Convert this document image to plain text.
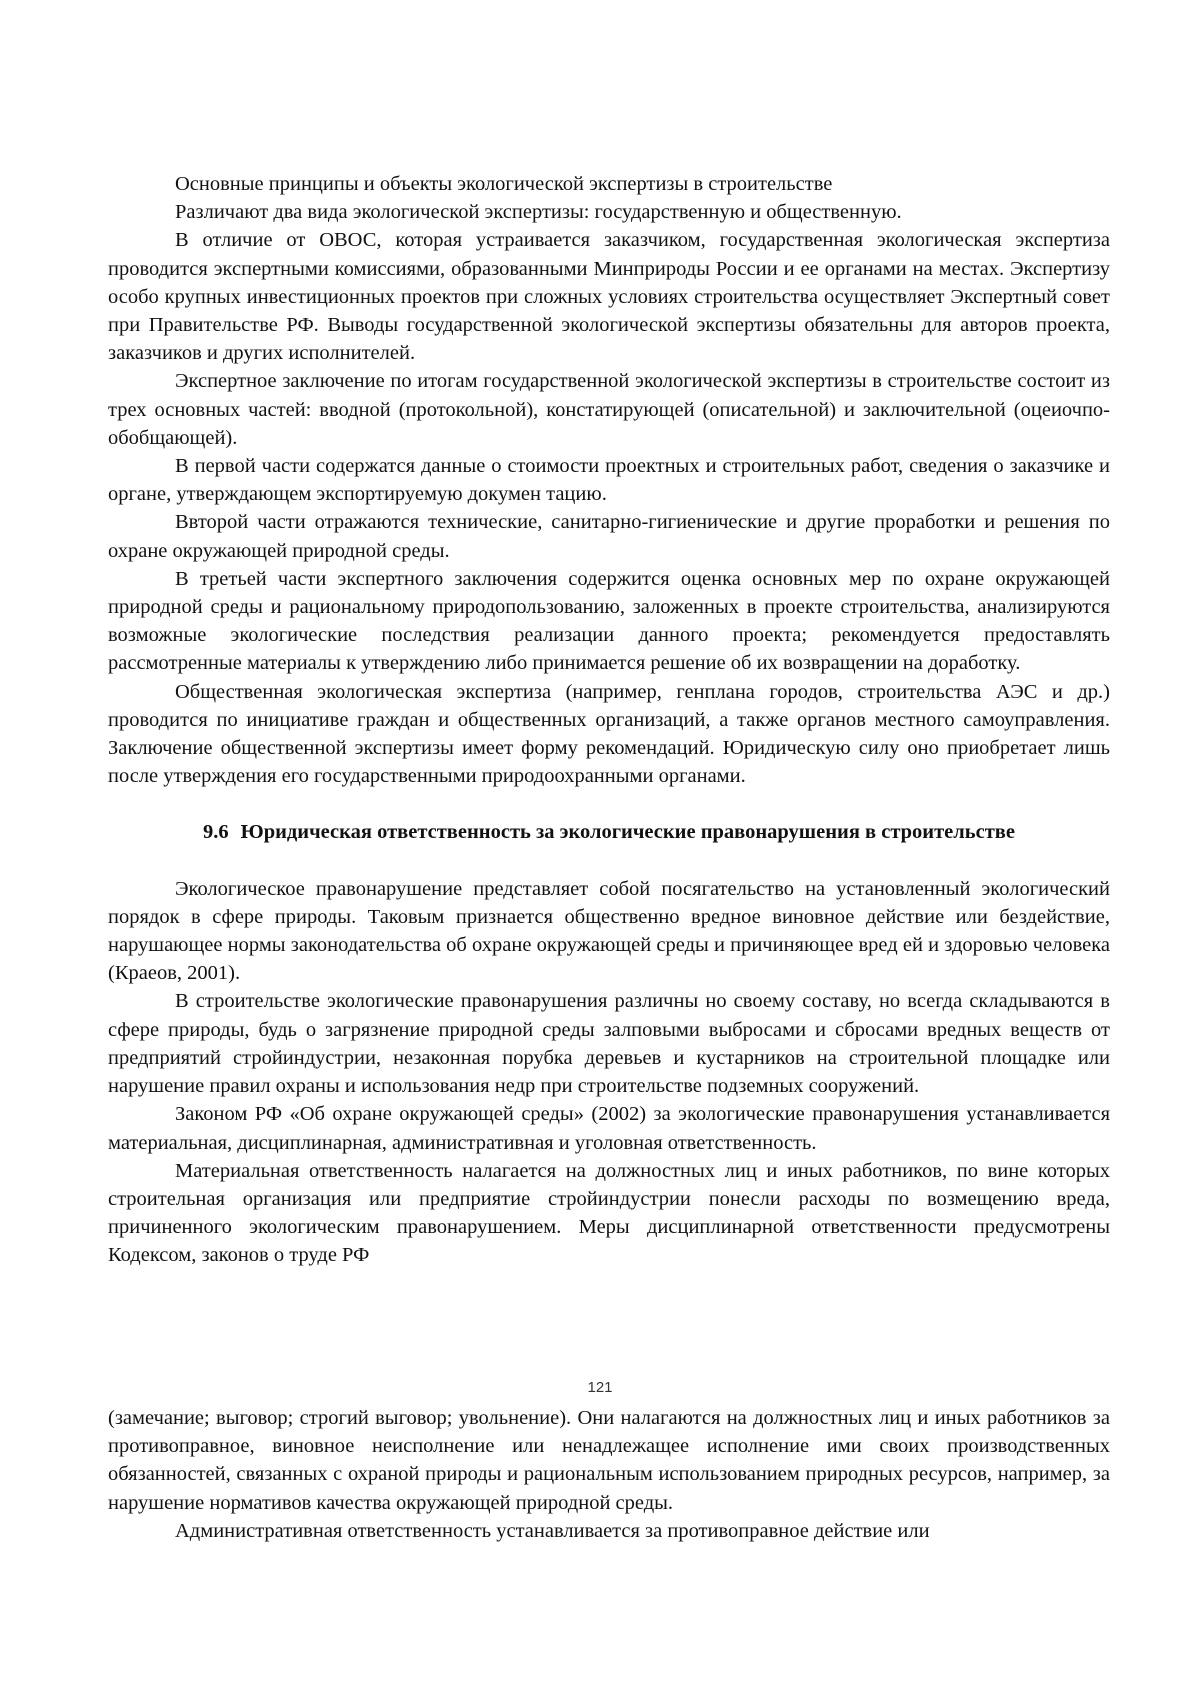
Основные принципы и объекты экологической экспертизы в строительстве

Различают два вида экологической экспертизы: государственную и общественную.

В отличие от ОВОС, которая устраивается заказчиком, государственная экологическая экспертиза проводится экспертными комиссиями, образованными Минприроды России и ее органами на местах. Экспертизу особо крупных инвестиционных проектов при сложных условиях строительства осуществляет Экспертный совет при Правительстве РФ. Выводы государственной экологической экспертизы обязательны для авторов проекта, заказчиков и других исполнителей.

Экспертное заключение по итогам государственной экологической экспертизы в строительстве состоит из трех основных частей: вводной (протокольной), констатирующей (описательной) и заключительной (оцеиочпо-обобщающей).

В первой части содержатся данные о стоимости проектных и строительных работ, сведения о заказчике и органе, утверждающем экспортируемую докумен тацию.

Ввторой части отражаются технические, санитарно-гигиенические и другие проработки и решения по охране окружающей природной среды.

В третьей части экспертного заключения содержится оценка основных мер по охране окружающей природной среды и рациональному природопользованию, заложенных в проекте строительства, анализируются возможные экологические последствия реализации данного проекта; рекомендуется предоставлять рассмотренные материалы к утверждению либо принимается решение об их возвращении на доработку.

Общественная экологическая экспертиза (например, генплана городов, строительства АЭС и др.) проводится по инициативе граждан и общественных организаций, а также органов местного самоуправления. Заключение общественной экспертизы имеет форму рекомендаций. Юридическую силу оно приобретает лишь после утверждения его государственными природоохранными органами.

9.6 Юридическая ответственность за экологические правонарушения в строительстве

Экологическое правонарушение представляет собой посягательство на установленный экологический порядок в сфере природы. Таковым признается общественно вредное виновное действие или бездействие, нарушающее нормы законодательства об охране окружающей среды и причиняющее вред ей и здоровью человека (Краеов, 2001).

В строительстве экологические правонарушения различны но своему составу, но всегда складываются в сфере природы, будь о загрязнение природной среды залповыми выбросами и сбросами вредных веществ от предприятий стройиндустрии, незаконная порубка деревьев и кустарников на строительной площадке или нарушение правил охраны и использования недр при строительстве подземных сооружений.

Законом РФ «Об охране окружающей среды» (2002) за экологические правонарушения устанавливается материальная, дисциплинарная, административная и уголовная ответственность.

Материальная ответственность налагается на должностных лиц и иных работников, по вине которых строительная организация или предприятие стройиндустрии понесли расходы по возмещению вреда, причиненного экологическим правонарушением. Меры дисциплинарной ответственности предусмотрены Кодексом, законов о труде РФ

121

(замечание; выговор; строгий выговор; увольнение). Они налагаются на должностных лиц и иных работников за противоправное, виновное неисполнение или ненадлежащее исполнение ими своих производственных обязанностей, связанных с охраной природы и рациональным использованием природных ресурсов, например, за нарушение нормативов качества окружающей природной среды.

Административная ответственность устанавливается за противоправное действие или
